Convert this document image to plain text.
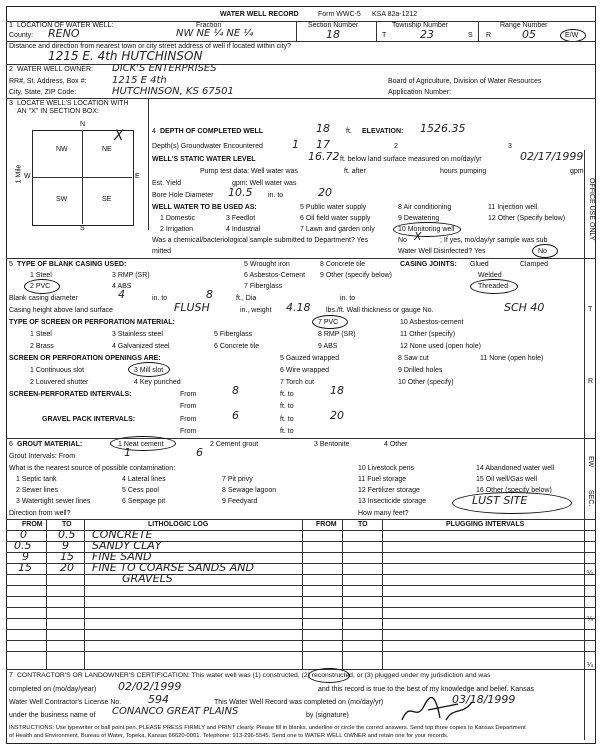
WATER WELL RECORD	Form WWC-5 KSA 82a-1212
1 LOCATION OF WATER WELL:
County: RENO
Fraction
NW NE ¼ NE ¼
Section Number
18
Township Number
T	23	S
Range Number
R	05	E/W
Distance and direction from nearest town or city street address of well if located within city?
1215 E. 4th HUTCHINSON
2 WATER WELL OWNER: DICK'S ENTERPRISES
RR#, St. Address, Box #:	1215 E 4th	Board of Agriculture, Division of Water Resources
City, State, ZIP Code:	HUTCHINSON, KS 67501	Application Number:
3 LOCATE WELL'S LOCATION WITH
AN "X" IN SECTION BOX:
N
S
W	E
NW	NE
SW	SE
X
1 Mile
4 DEPTH OF COMPLETED WELL	18 ft. ELEVATION: 1526.35
Depth(s) Groundwater Encountered	1 17	2	3
WELL'S STATIC WATER LEVEL	16.72 ft. below land surface measured on mo/day/yr	02/17/1999
Pump test data: Well water was	ft. after	hours pumping	gpm
Est. Yield	gpm: Well water was
Bore Hole Diameter 10.5 in. to	20
WELL WATER TO BE USED AS:	5 Public water supply	8 Air conditioning	11 Injection well
1 Domestic	3 Feedlot	6 Oil field water supply	9 Dewatering	12 Other (Specify below)
2 Irrigation	4 Industrial	7 Lawn and garden only	10 Monitoring well
Was a chemical/bacteriological sample submitted to Department? Yes	No X	; If yes, mo/day/yr sample was sub
mitted	Water Well Disinfected? Yes	No
5 TYPE OF BLANK CASING USED:	5 Wrought iron	8 Concrete tile	CASING JOINTS: Glued	Clamped
1 Steel	3 RMP (SR)	6 Asbestos-Cement 9 Other (specify below)	Welded
2 PVC	4 ABS	7 Fiberglass	Threaded
Blank casing diameter	4	in. to	8	ft., Dia	in. to
Casing height above land surface	FLUSH	in., weight 4.18 lbs./ft. Wall thickness or gauge No.	SCH 40
TYPE OF SCREEN OR PERFORATION MATERIAL:
1 Steel	3 Stainless steel	5 Fiberglass
7 PVC	10 Asbestos-cement
2 Brass	4 Galvanized steel	6 Concrete tile
8 RMP (SR)	11 Other (specify)
9 ABS	12 None used (open hole)
SCREEN OR PERFORATION OPENINGS ARE:	5 Gauzed wrapped	8 Saw cut	11 None (open hole)
1 Continuous slot	3 Mill slot	6 Wire wrapped	9 Drilled holes
2 Louvered shutter	4 Key punched	7 Torch cut	10 Other (specify)
SCREEN-PERFORATED INTERVALS:	From	8	ft. to	18
From	ft. to
GRAVEL PACK INTERVALS:	From	6	ft. to	20
From	ft. to
6 GROUT MATERIAL:	1 Neat cement	2 Cement grout	3 Bentonite	4 Other
Grout Intervals: From	1	6
What is the nearest source of possible contamination:	10 Livestock pens	14 Abandoned water well
1 Septic tank	4 Lateral lines	7 Pit privy	11 Fuel storage	15 Oil well/Gas well
2 Sewer lines	5 Cess pool	8 Sewage lagoon	12 Fertilizer storage	16 Other (specify below)
3 Watertight sewer lines	6 Seepage pit	9 Feedyard	13 Insecticide storage	LUST SITE
Direction from well?	How many feet?
FROM	TO	LITHOLOGIC LOG	FROM	TO	PLUGGING INTERVALS
0	0.5 CONCRETE
0.5	9 SANDY CLAY
9	15 FINE SAND
15	20 FINE TO COARSE SANDS AND
GRAVELS
7 CONTRACTOR'S OR LANDOWNER'S CERTIFICATION: This water well was (1) constructed, (2) reconstructed, or (3) plugged under my jurisdiction and was
completed on (mo/day/year) 02/02/1999	and this record is true to the best of my knowledge and belief. Kansas
Water Well Contractor's License No. 594	This Water Well Record was completed on (mo/day/yr)	03/18/1999
under the business name of CONANCO GREAT PLAINS	by (signature)
INSTRUCTIONS: Use typewriter or ball point pen. PLEASE PRESS FIRMLY and PRINT clearly. Please fill in blanks, underline or circle the correct answers. Send top three copies to Kansas Department
of Health and Environment, Bureau of Water, Topeka, Kansas 66620-0001. Telephone: 913-296-5545. Send one to WATER WELL OWNER and retain one for your records.
OFFICE USE ONLY
T
R
EW
SEC.
¼
¼
¼
